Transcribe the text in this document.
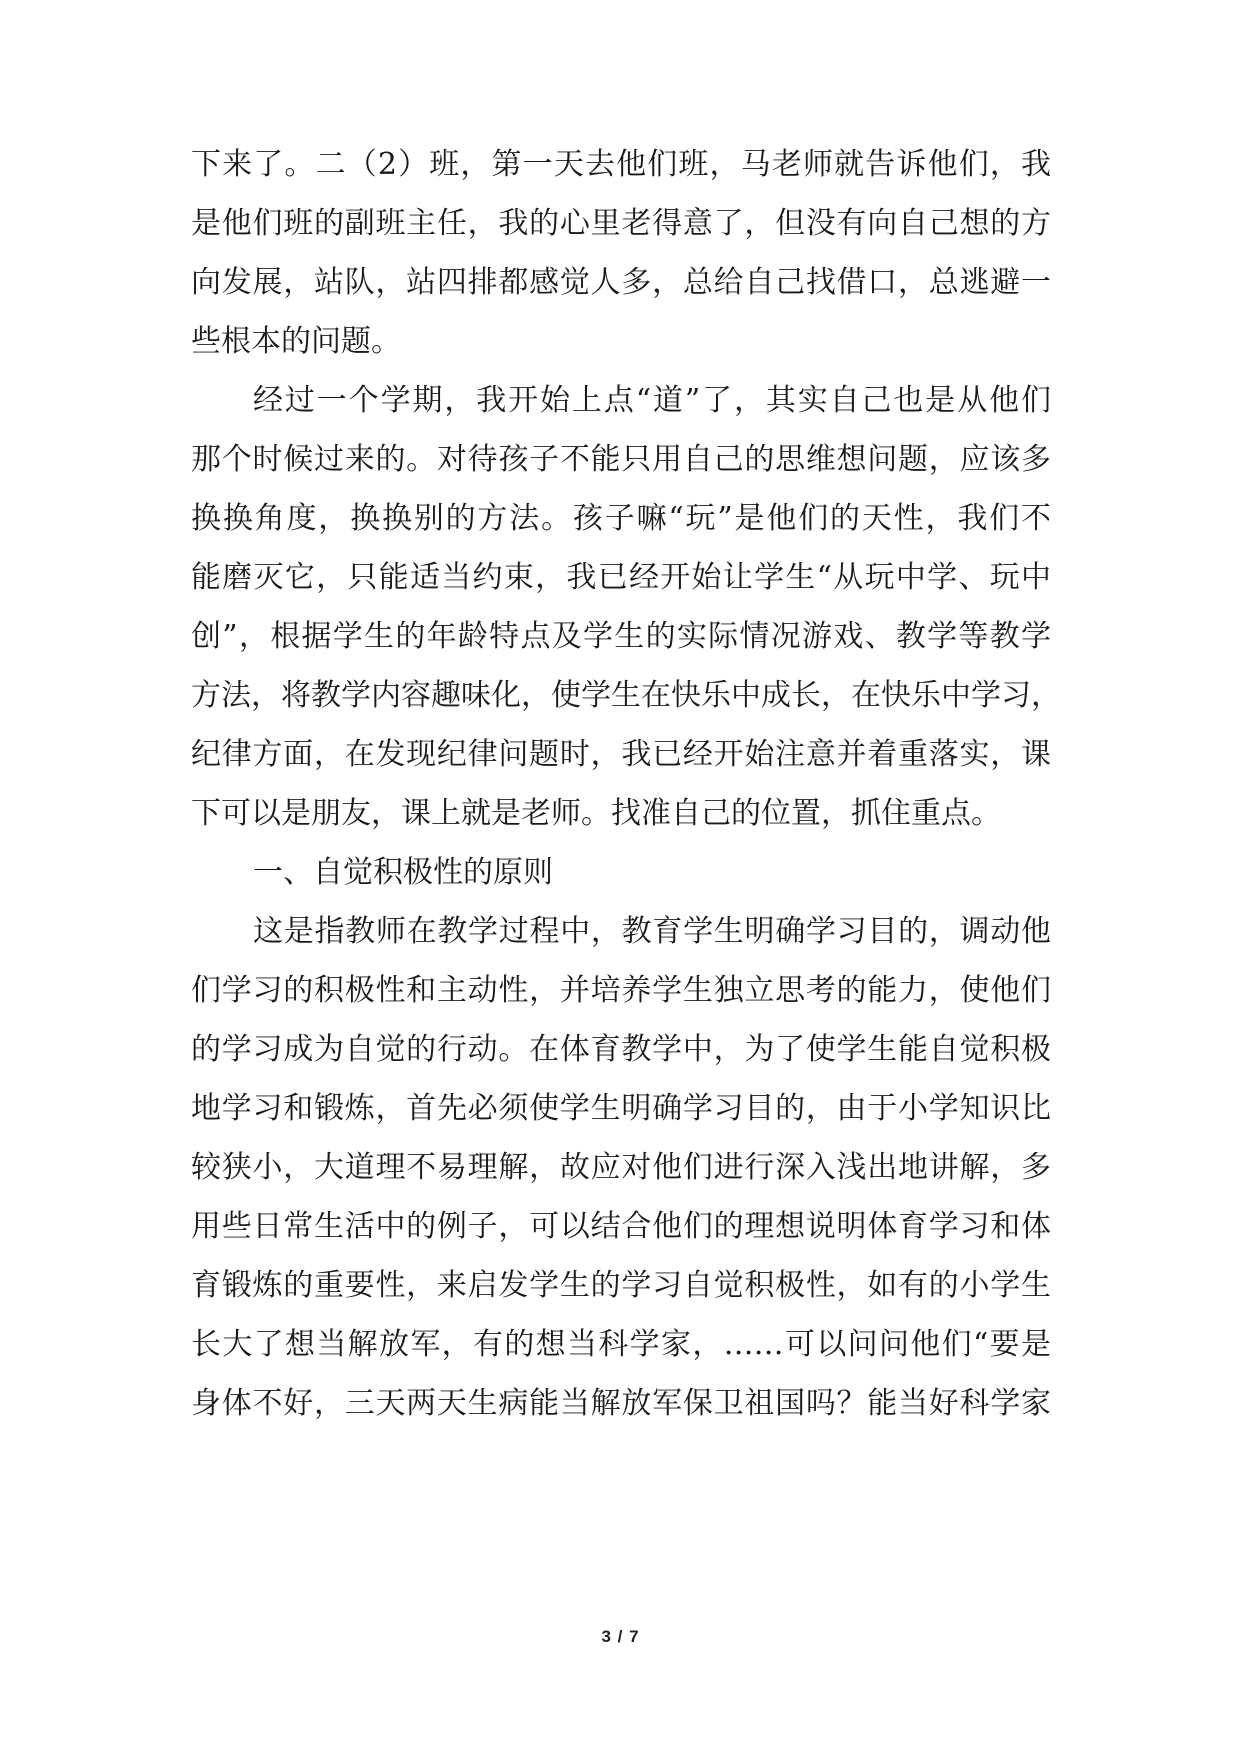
下来了。二（2）班，第一天去他们班，马老师就告诉他们，我
是他们班的副班主任，我的心里老得意了，但没有向自己想的方
向发展，站队，站四排都感觉人多，总给自己找借口，总逃避一
些根本的问题。
经过一个学期，我开始上点“道”了，其实自己也是从他们
那个时候过来的。对待孩子不能只用自己的思维想问题，应该多
换换角度，换换别的方法。孩子嘛“玩”是他们的天性，我们不
能磨灭它，只能适当约束，我已经开始让学生“从玩中学、玩中
创”，根据学生的年龄特点及学生的实际情况游戏、教学等教学
方法，将教学内容趣味化，使学生在快乐中成长，在快乐中学习，
纪律方面，在发现纪律问题时，我已经开始注意并着重落实，课
下可以是朋友，课上就是老师。找准自己的位置，抓住重点。
一、自觉积极性的原则
这是指教师在教学过程中，教育学生明确学习目的，调动他
们学习的积极性和主动性，并培养学生独立思考的能力，使他们
的学习成为自觉的行动。在体育教学中，为了使学生能自觉积极
地学习和锻炼，首先必须使学生明确学习目的，由于小学知识比
较狭小，大道理不易理解，故应对他们进行深入浅出地讲解，多
用些日常生活中的例子，可以结合他们的理想说明体育学习和体
育锻炼的重要性，来启发学生的学习自觉积极性，如有的小学生
长大了想当解放军，有的想当科学家，……可以问问他们“要是
身体不好，三天两天生病能当解放军保卫祖国吗？能当好科学家
3 / 7
